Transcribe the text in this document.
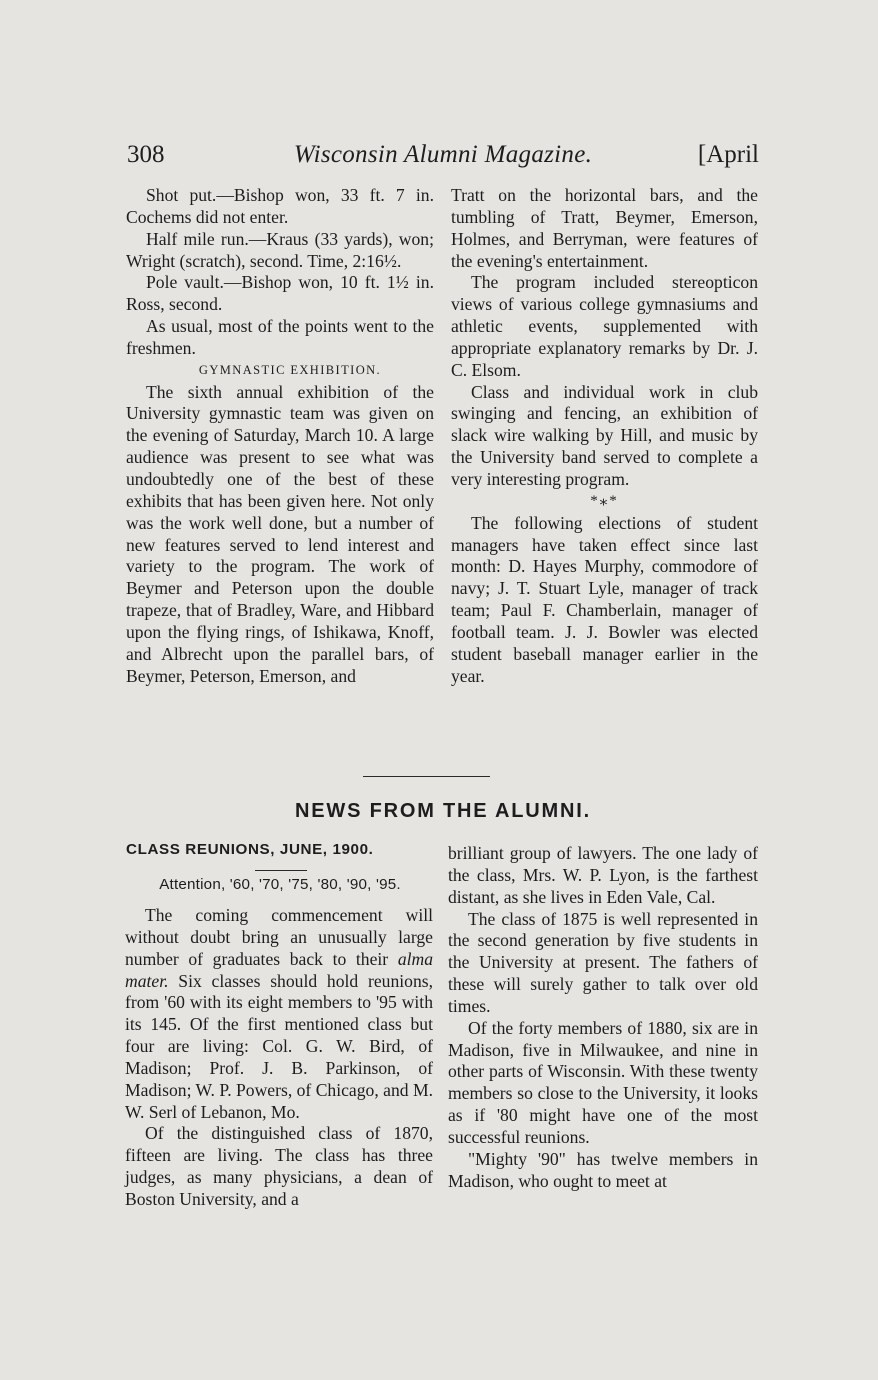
308	Wisconsin Alumni Magazine.	[April

Shot put.—Bishop won, 33 ft. 7 in. Cochems did not enter.

Half mile run.—Kraus (33 yards), won; Wright (scratch), second. Time, 2:16½.

Pole vault.—Bishop won, 10 ft. 1½ in. Ross, second.

As usual, most of the points went to the freshmen.

GYMNASTIC EXHIBITION.

The sixth annual exhibition of the University gymnastic team was given on the evening of Saturday, March 10. A large audience was present to see what was undoubtedly one of the best of these exhibits that has been given here. Not only was the work well done, but a number of new features served to lend interest and variety to the program. The work of Beymer and Peterson upon the double trapeze, that of Bradley, Ware, and Hibbard upon the flying rings, of Ishikawa, Knoff, and Albrecht upon the parallel bars, of Beymer, Peterson, Emerson, and

Tratt on the horizontal bars, and the tumbling of Tratt, Beymer, Emerson, Holmes, and Berryman, were features of the evening's entertainment.

The program included stereopticon views of various college gymnasiums and athletic events, supplemented with appropriate explanatory remarks by Dr. J. C. Elsom.

Class and individual work in club swinging and fencing, an exhibition of slack wire walking by Hill, and music by the University band served to complete a very interesting program.

*⁎*

The following elections of student managers have taken effect since last month: D. Hayes Murphy, commodore of navy; J. T. Stuart Lyle, manager of track team; Paul F. Chamberlain, manager of football team. J. J. Bowler was elected student baseball manager earlier in the year.

NEWS FROM THE ALUMNI.
CLASS REUNIONS, JUNE, 1900.
Attention, '60, '70, '75, '80, '90, '95.

The coming commencement will without doubt bring an unusually large number of graduates back to their alma mater. Six classes should hold reunions, from '60 with its eight members to '95 with its 145. Of the first mentioned class but four are living: Col. G. W. Bird, of Madison; Prof. J. B. Parkinson, of Madison; W. P. Powers, of Chicago, and M. W. Serl of Lebanon, Mo.

Of the distinguished class of 1870, fifteen are living. The class has three judges, as many physicians, a dean of Boston University, and a

brilliant group of lawyers. The one lady of the class, Mrs. W. P. Lyon, is the farthest distant, as she lives in Eden Vale, Cal.

The class of 1875 is well represented in the second generation by five students in the University at present. The fathers of these will surely gather to talk over old times.

Of the forty members of 1880, six are in Madison, five in Milwaukee, and nine in other parts of Wisconsin. With these twenty members so close to the University, it looks as if '80 might have one of the most successful reunions.

"Mighty '90" has twelve members in Madison, who ought to meet at
